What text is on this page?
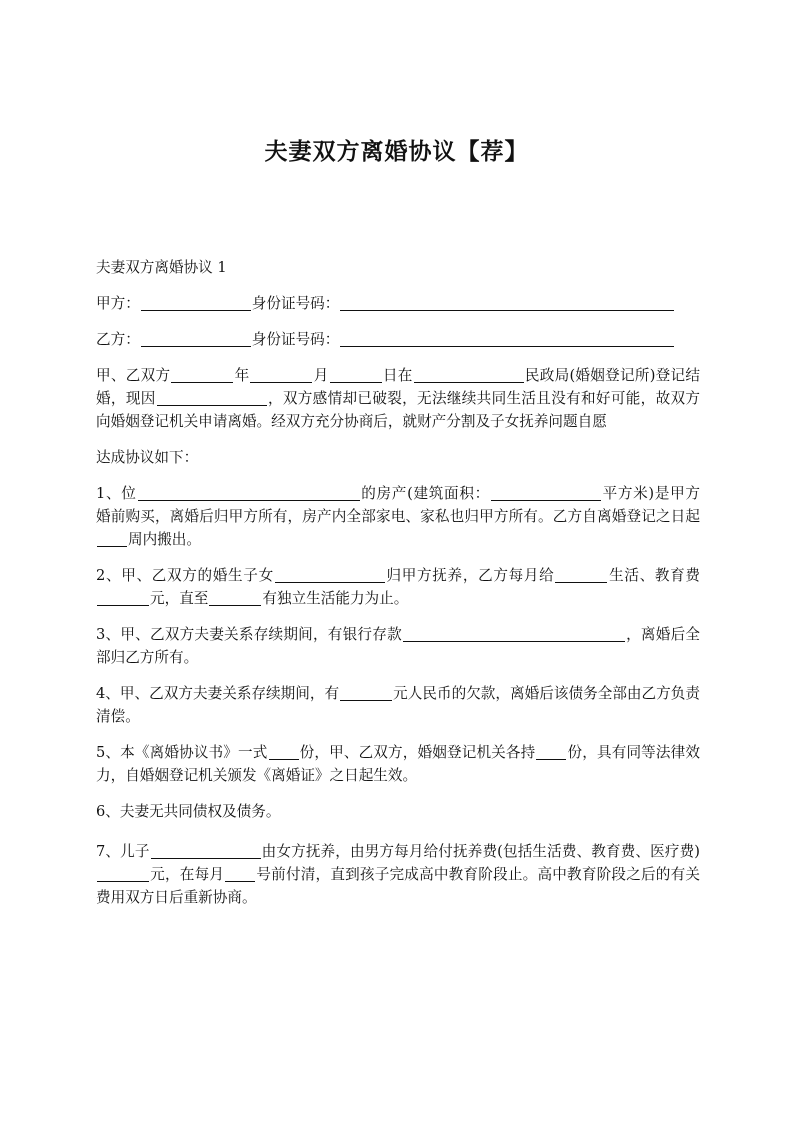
夫妻双方离婚协议【荐】

夫妻双方离婚协议 1

甲方：	身份证号码：

乙方：	身份证号码：

甲、乙双方	年	月	日在	民政局(婚姻登记所)登记结婚，现因	，双方感情却已破裂，无法继续共同生活且没有和好可能，故双方向婚姻登记机关申请离婚。经双方充分协商后，就财产分割及子女抚养问题自愿

达成协议如下：

1、位	的房产(建筑面积：	平方米)是甲方婚前购买，离婚后归甲方所有，房产内全部家电、家私也归甲方所有。乙方自离婚登记之日起周内搬出。

2、甲、乙双方的婚生子女	归甲方抚养，乙方每月给	生活、教育费元，直至	有独立生活能力为止。

3、甲、乙双方夫妻关系存续期间，有银行存款	，离婚后全部归乙方所有。

4、甲、乙双方夫妻关系存续期间，有	元人民币的欠款，离婚后该债务全部由乙方负责清偿。

5、本《离婚协议书》一式 份，甲、乙双方，婚姻登记机关各持 份，具有同等法律效力，自婚姻登记机关颁发《离婚证》之日起生效。

6、夫妻无共同债权及债务。

7、儿子	由女方抚养，由男方每月给付抚养费(包括生活费、教育费、医疗费)元，在每月 号前付清，直到孩子完成高中教育阶段止。高中教育阶段之后的有关费用双方日后重新协商。
